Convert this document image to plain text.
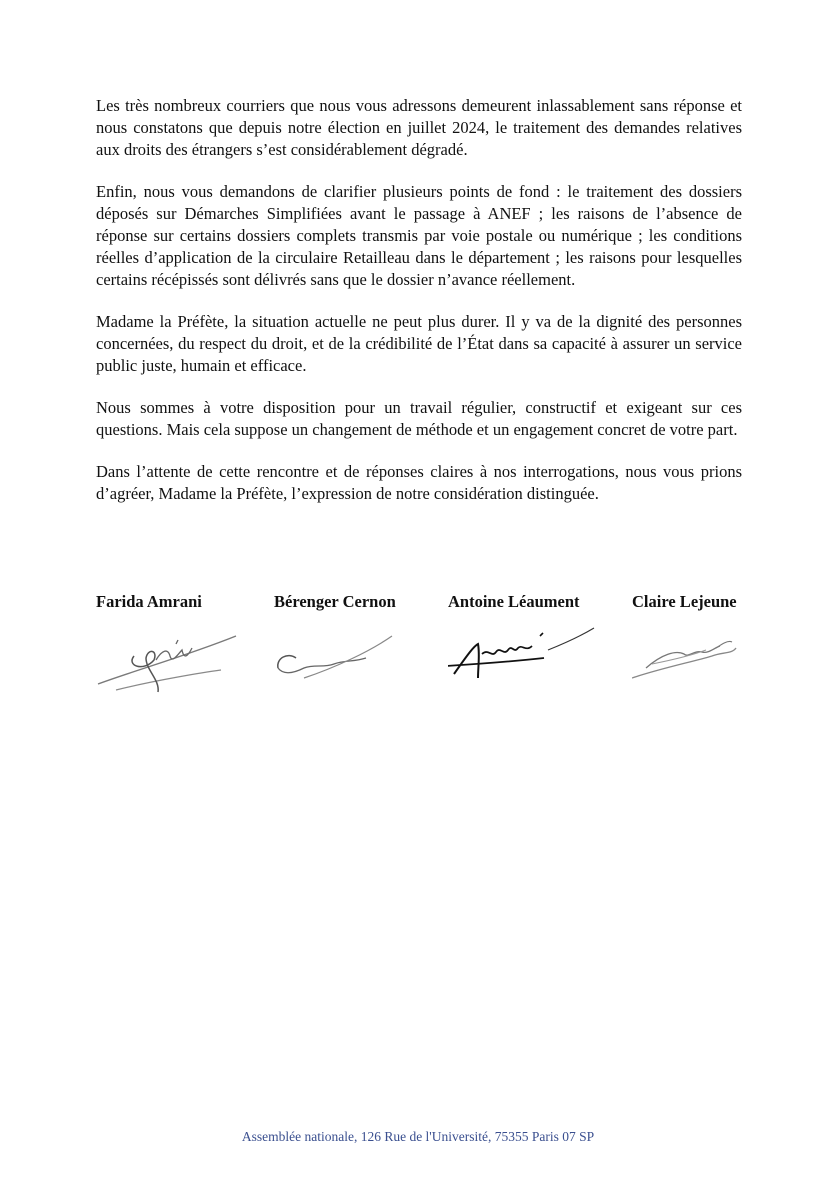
Les très nombreux courriers que nous vous adressons demeurent inlassablement sans réponse et nous constatons que depuis notre élection en juillet 2024, le traitement des demandes relatives aux droits des étrangers s’est considérablement dégradé.

Enfin, nous vous demandons de clarifier plusieurs points de fond : le traitement des dossiers déposés sur Démarches Simplifiées avant le passage à ANEF ; les raisons de l’absence de réponse sur certains dossiers complets transmis par voie postale ou numérique ; les conditions réelles d’application de la circulaire Retailleau dans le département ; les raisons pour lesquelles certains récépissés sont délivrés sans que le dossier n’avance réellement.

Madame la Préfète, la situation actuelle ne peut plus durer. Il y va de la dignité des personnes concernées, du respect du droit, et de la crédibilité de l’État dans sa capacité à assurer un service public juste, humain et efficace.

Nous sommes à votre disposition pour un travail régulier, constructif et exigeant sur ces questions. Mais cela suppose un changement de méthode et un engagement concret de votre part.

Dans l’attente de cette rencontre et de réponses claires à nos interrogations, nous vous prions d’agréer, Madame la Préfète, l’expression de notre considération distinguée.

Farida Amrani	Bérenger Cernon	Antoine Léaument	Claire Lejeune
Assemblée nationale, 126 Rue de l'Université, 75355 Paris 07 SP
